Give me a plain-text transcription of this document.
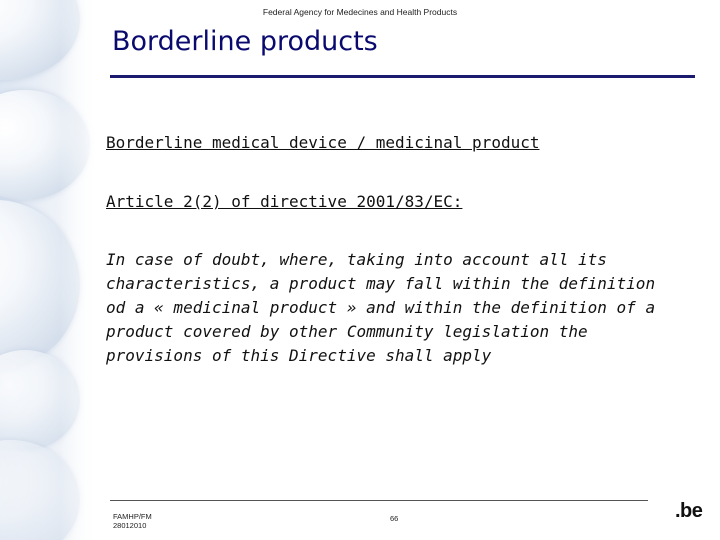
Federal Agency for Medecines and Health Products
Borderline products
Borderline medical device / medicinal product
Article 2(2) of directive 2001/83/EC:

In case of doubt, where, taking into account all its characteristics, a product may fall within the definition od a « medicinal product » and within the definition of a product covered by other Community legislation the provisions of this Directive shall apply

FAMHP/FM
28012010
66	.be
